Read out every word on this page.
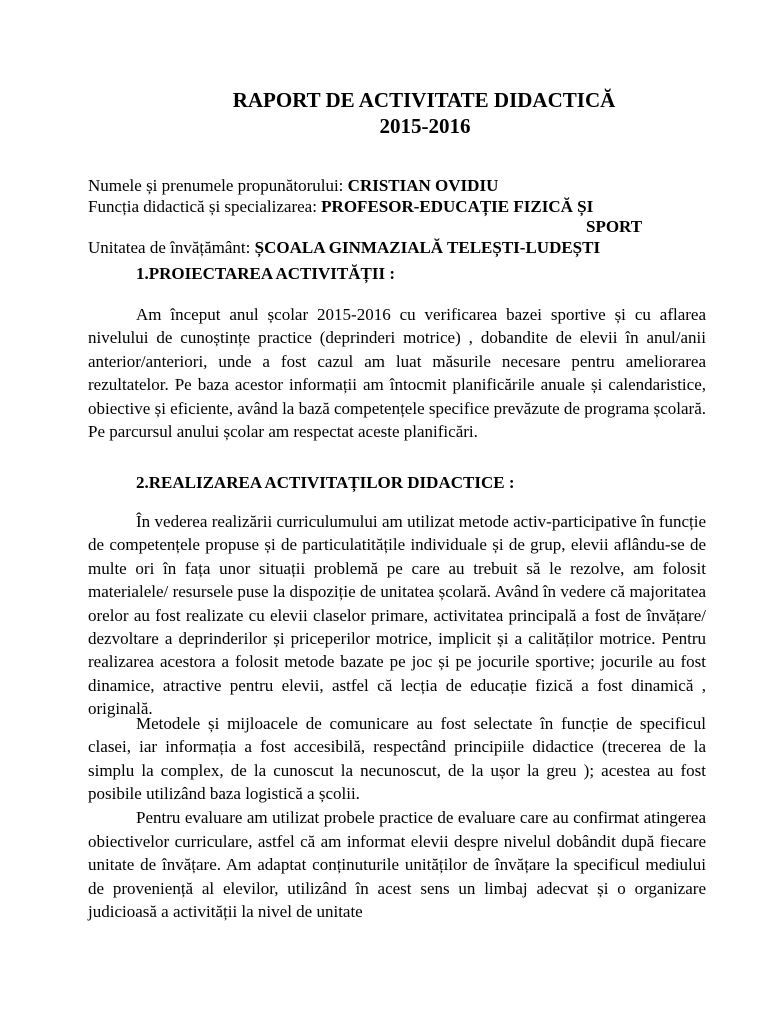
RAPORT DE ACTIVITATE DIDACTICĂ
2015-2016

Numele și prenumele propunătorului: CRISTIAN OVIDIU

Funcția didactică și specializarea: PROFESOR-EDUCAȚIE FIZICĂ ȘI

SPORT

Unitatea de învățământ: ȘCOALA GINMAZIALĂ TELEȘTI-LUDEȘTI

1.PROIECTAREA ACTIVITĂȚII :

Am început anul școlar 2015-2016 cu verificarea bazei sportive și cu aflarea nivelului de cunoștințe practice (deprinderi motrice) , dobandite de elevii în anul/anii anterior/anteriori, unde a fost cazul am luat măsurile necesare pentru ameliorarea rezultatelor. Pe baza acestor informații am întocmit planificările anuale și calendaristice, obiective și eficiente, având la bază competențele specifice prevăzute de programa școlară. Pe parcursul anului școlar am respectat aceste planificări.

2.REALIZAREA ACTIVITAȚILOR DIDACTICE :

În vederea realizării curriculumului am utilizat metode activ-participative în funcție de competențele propuse și de particulatitățile individuale și de grup, elevii aflându-se de multe ori în fața unor situații problemă pe care au trebuit să le rezolve, am folosit materialele/ resursele puse la dispoziție de unitatea școlară. Având în vedere că majoritatea orelor au fost realizate cu elevii claselor primare, activitatea principală a fost de învățare/ dezvoltare a deprinderilor și priceperilor motrice, implicit și a calităților motrice. Pentru realizarea acestora a folosit metode bazate pe joc și pe jocurile sportive; jocurile au fost dinamice, atractive pentru elevii, astfel că lecția de educație fizică a fost dinamică , originală.

Metodele și mijloacele de comunicare au fost selectate în funcție de specificul clasei, iar informația a fost accesibilă, respectând principiile didactice (trecerea de la simplu la complex, de la cunoscut la necunoscut, de la ușor la greu ); acestea au fost posibile utilizând baza logistică a școlii.

Pentru evaluare am utilizat probele practice de evaluare care au confirmat atingerea obiectivelor curriculare, astfel că am informat elevii despre nivelul dobândit după fiecare unitate de învățare. Am adaptat conținuturile unităților de învățare la specificul mediului de proveniență al elevilor, utilizând în acest sens un limbaj adecvat și o organizare judicioasă a activității la nivel de unitate
